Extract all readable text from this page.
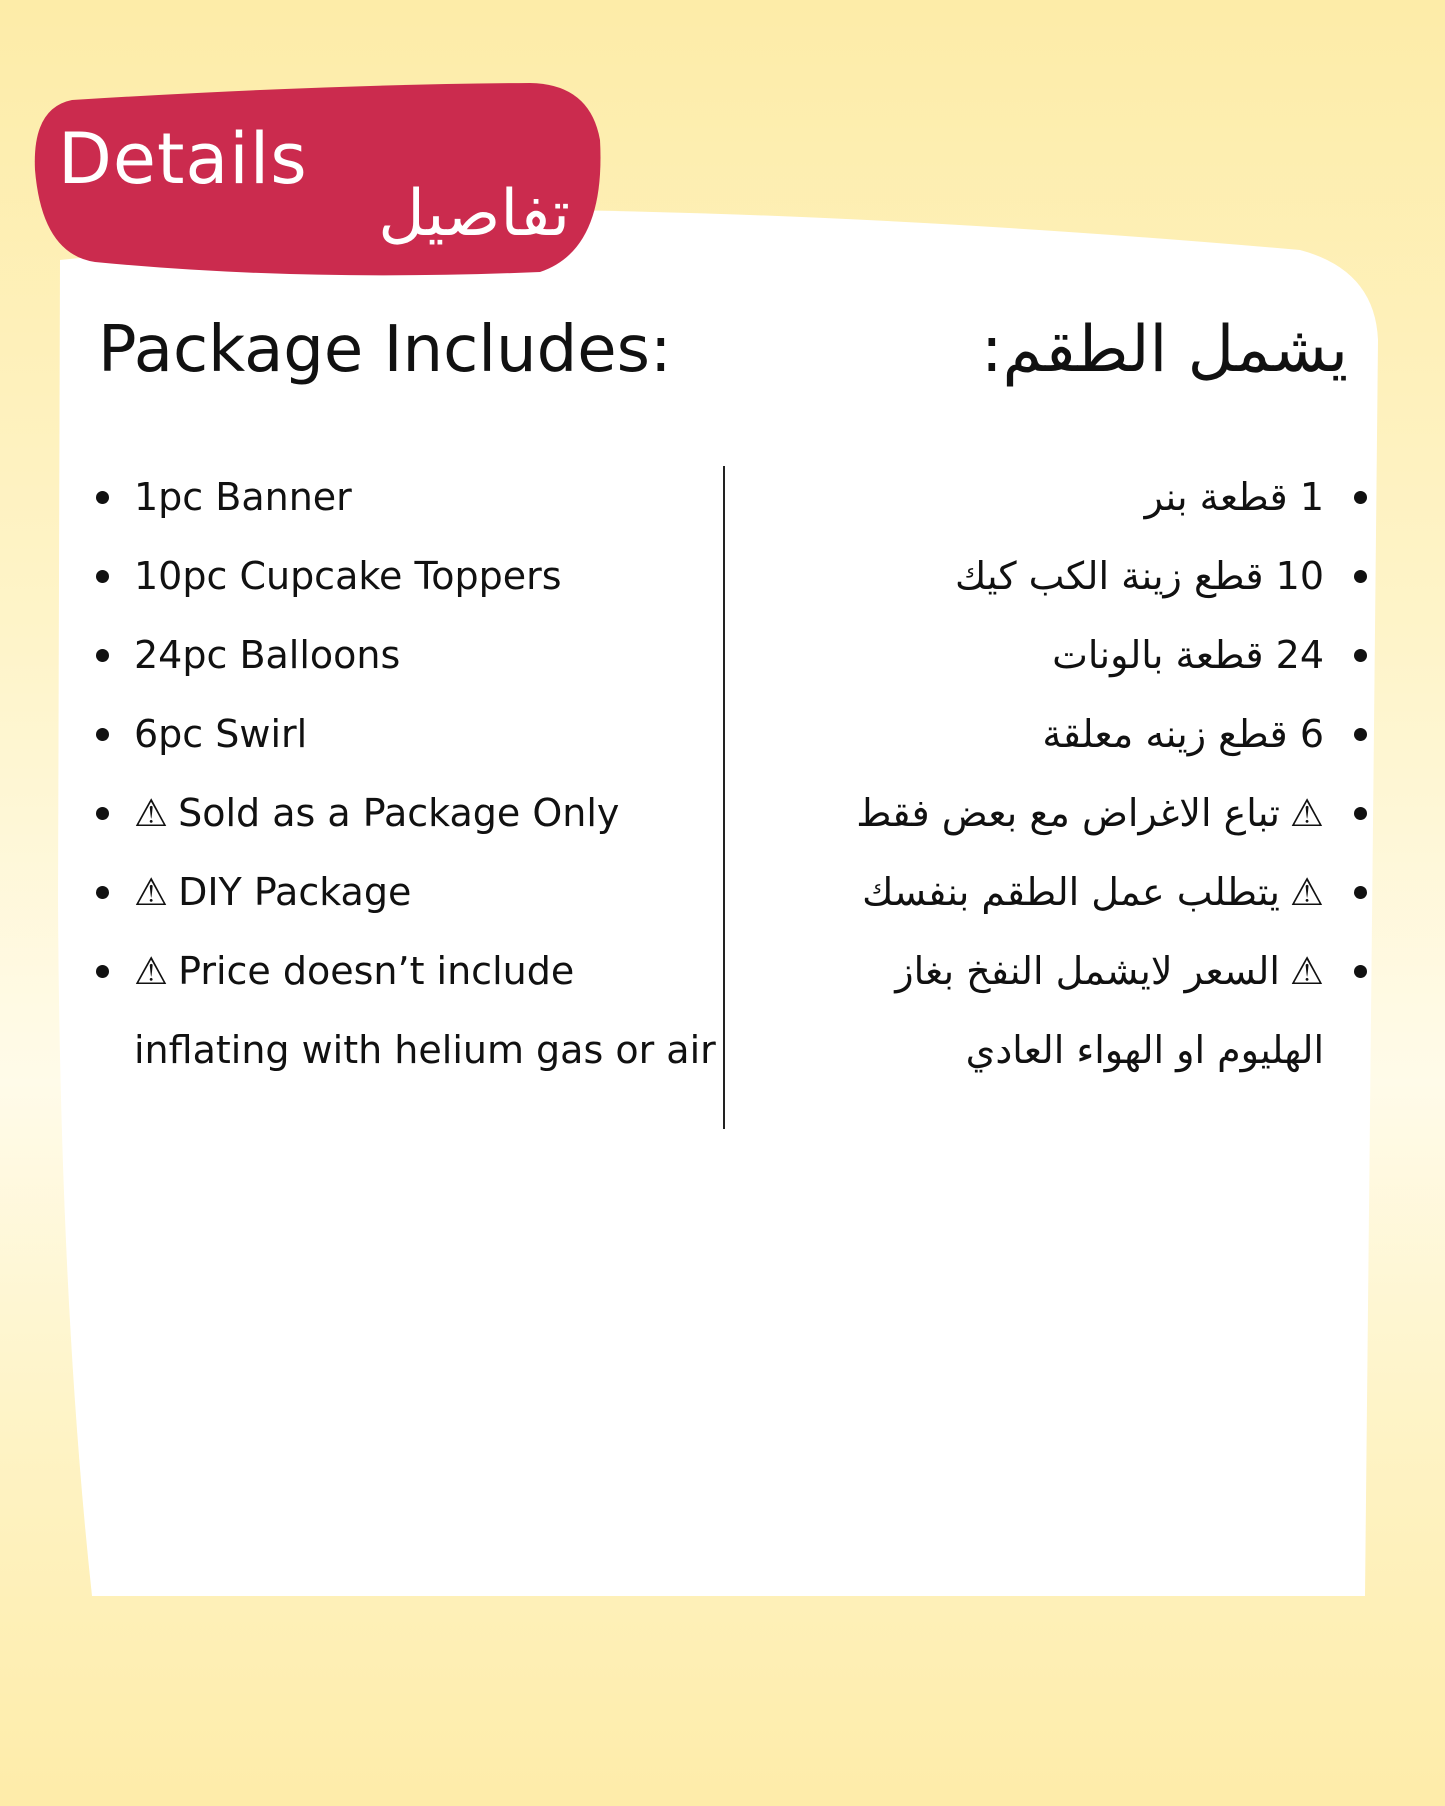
Details
تفاصيل
Package Includes:	يشمل الطقم:
1pc Banner
10pc Cupcake Toppers
24pc Balloons
6pc Swirl
⚠ Sold as a Package Only
⚠ DIY Package
⚠ Price doesn’t include
inflating with helium gas or air
1 قطعة بنر
10 قطع زينة الكب كيك
24 قطعة بالونات
6 قطع زينه معلقة
⚠تباع الاغراض مع بعض فقط
⚠يتطلب عمل الطقم بنفسك
⚠السعر لايشمل النفخ بغاز
الهليوم او الهواء العادي
